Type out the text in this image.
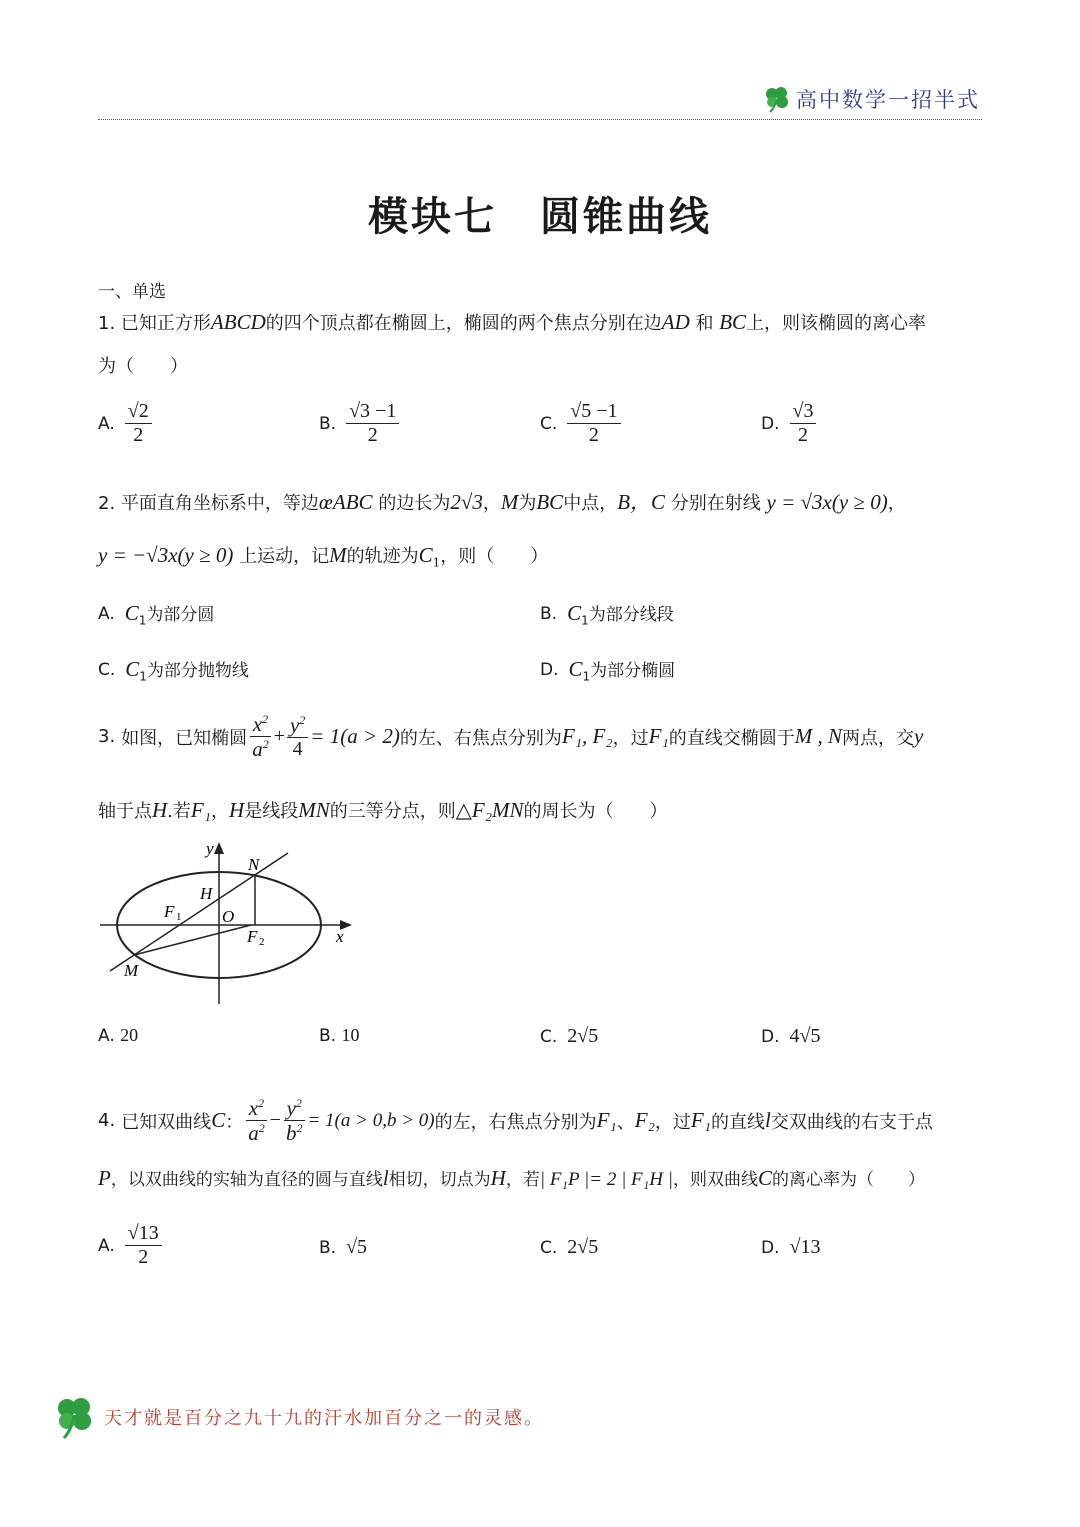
高中数学一招半式
模块七　圆锥曲线
一、单选
1. 已知正方形ABCD的四个顶点都在椭圆上，椭圆的两个焦点分别在边AD 和 BC上，则该椭圆的离心率
为（　　）
A. $\frac{√2}{2}$	B. $\frac{√3 -1}{2}$	C. $\frac{√5 -1}{2}$	D. $\frac{√3}{2}$
2. 平面直角坐标系中，等边œABC 的边长为2√3，M为BC中点，B，C 分别在射线 y = √3x(y ≥ 0)，
y = −√3x(y ≥ 0) 上运动，记M的轨迹为$C_1$，则（　　）
A. $C_1$为部分圆	B. $C_1$为部分线段
C. $C_1$为部分抛物线	D. $C_1$为部分椭圆
3. 如图，已知椭圆 $\frac{x^2}{a^2} + \frac{y^2}{4} = 1(a > 2)$ 的左、右焦点分别为 F₁, F₂ ，过 F₁ 的直线交椭圆于 M , N 两点，交 y
轴于点H.若F₁，H是线段MN的三等分点，则△F₂MN的周长为（　　）
y
x
N
H
F 1 O
F 2
M
A. 20	B. 10	C. 2√5	D. 4√5
4. 已知双曲线 C ： $\frac{x^2}{a^2} - \frac{y^2}{b^2} = 1(a > 0,b > 0)$ 的左，右焦点分别为 F₁ 、 F₂ ，过 F₁ 的直线 l 交双曲线的右支于点
P，以双曲线的实轴为直径的圆与直线l相切，切点为H，若| F₁P |= 2 | F₁H |，则双曲线C的离心率为（　　）
A. $\frac{√13}{2}$	B. √5	C. 2√5	D. √13
天才就是百分之九十九的汗水加百分之一的灵感。
